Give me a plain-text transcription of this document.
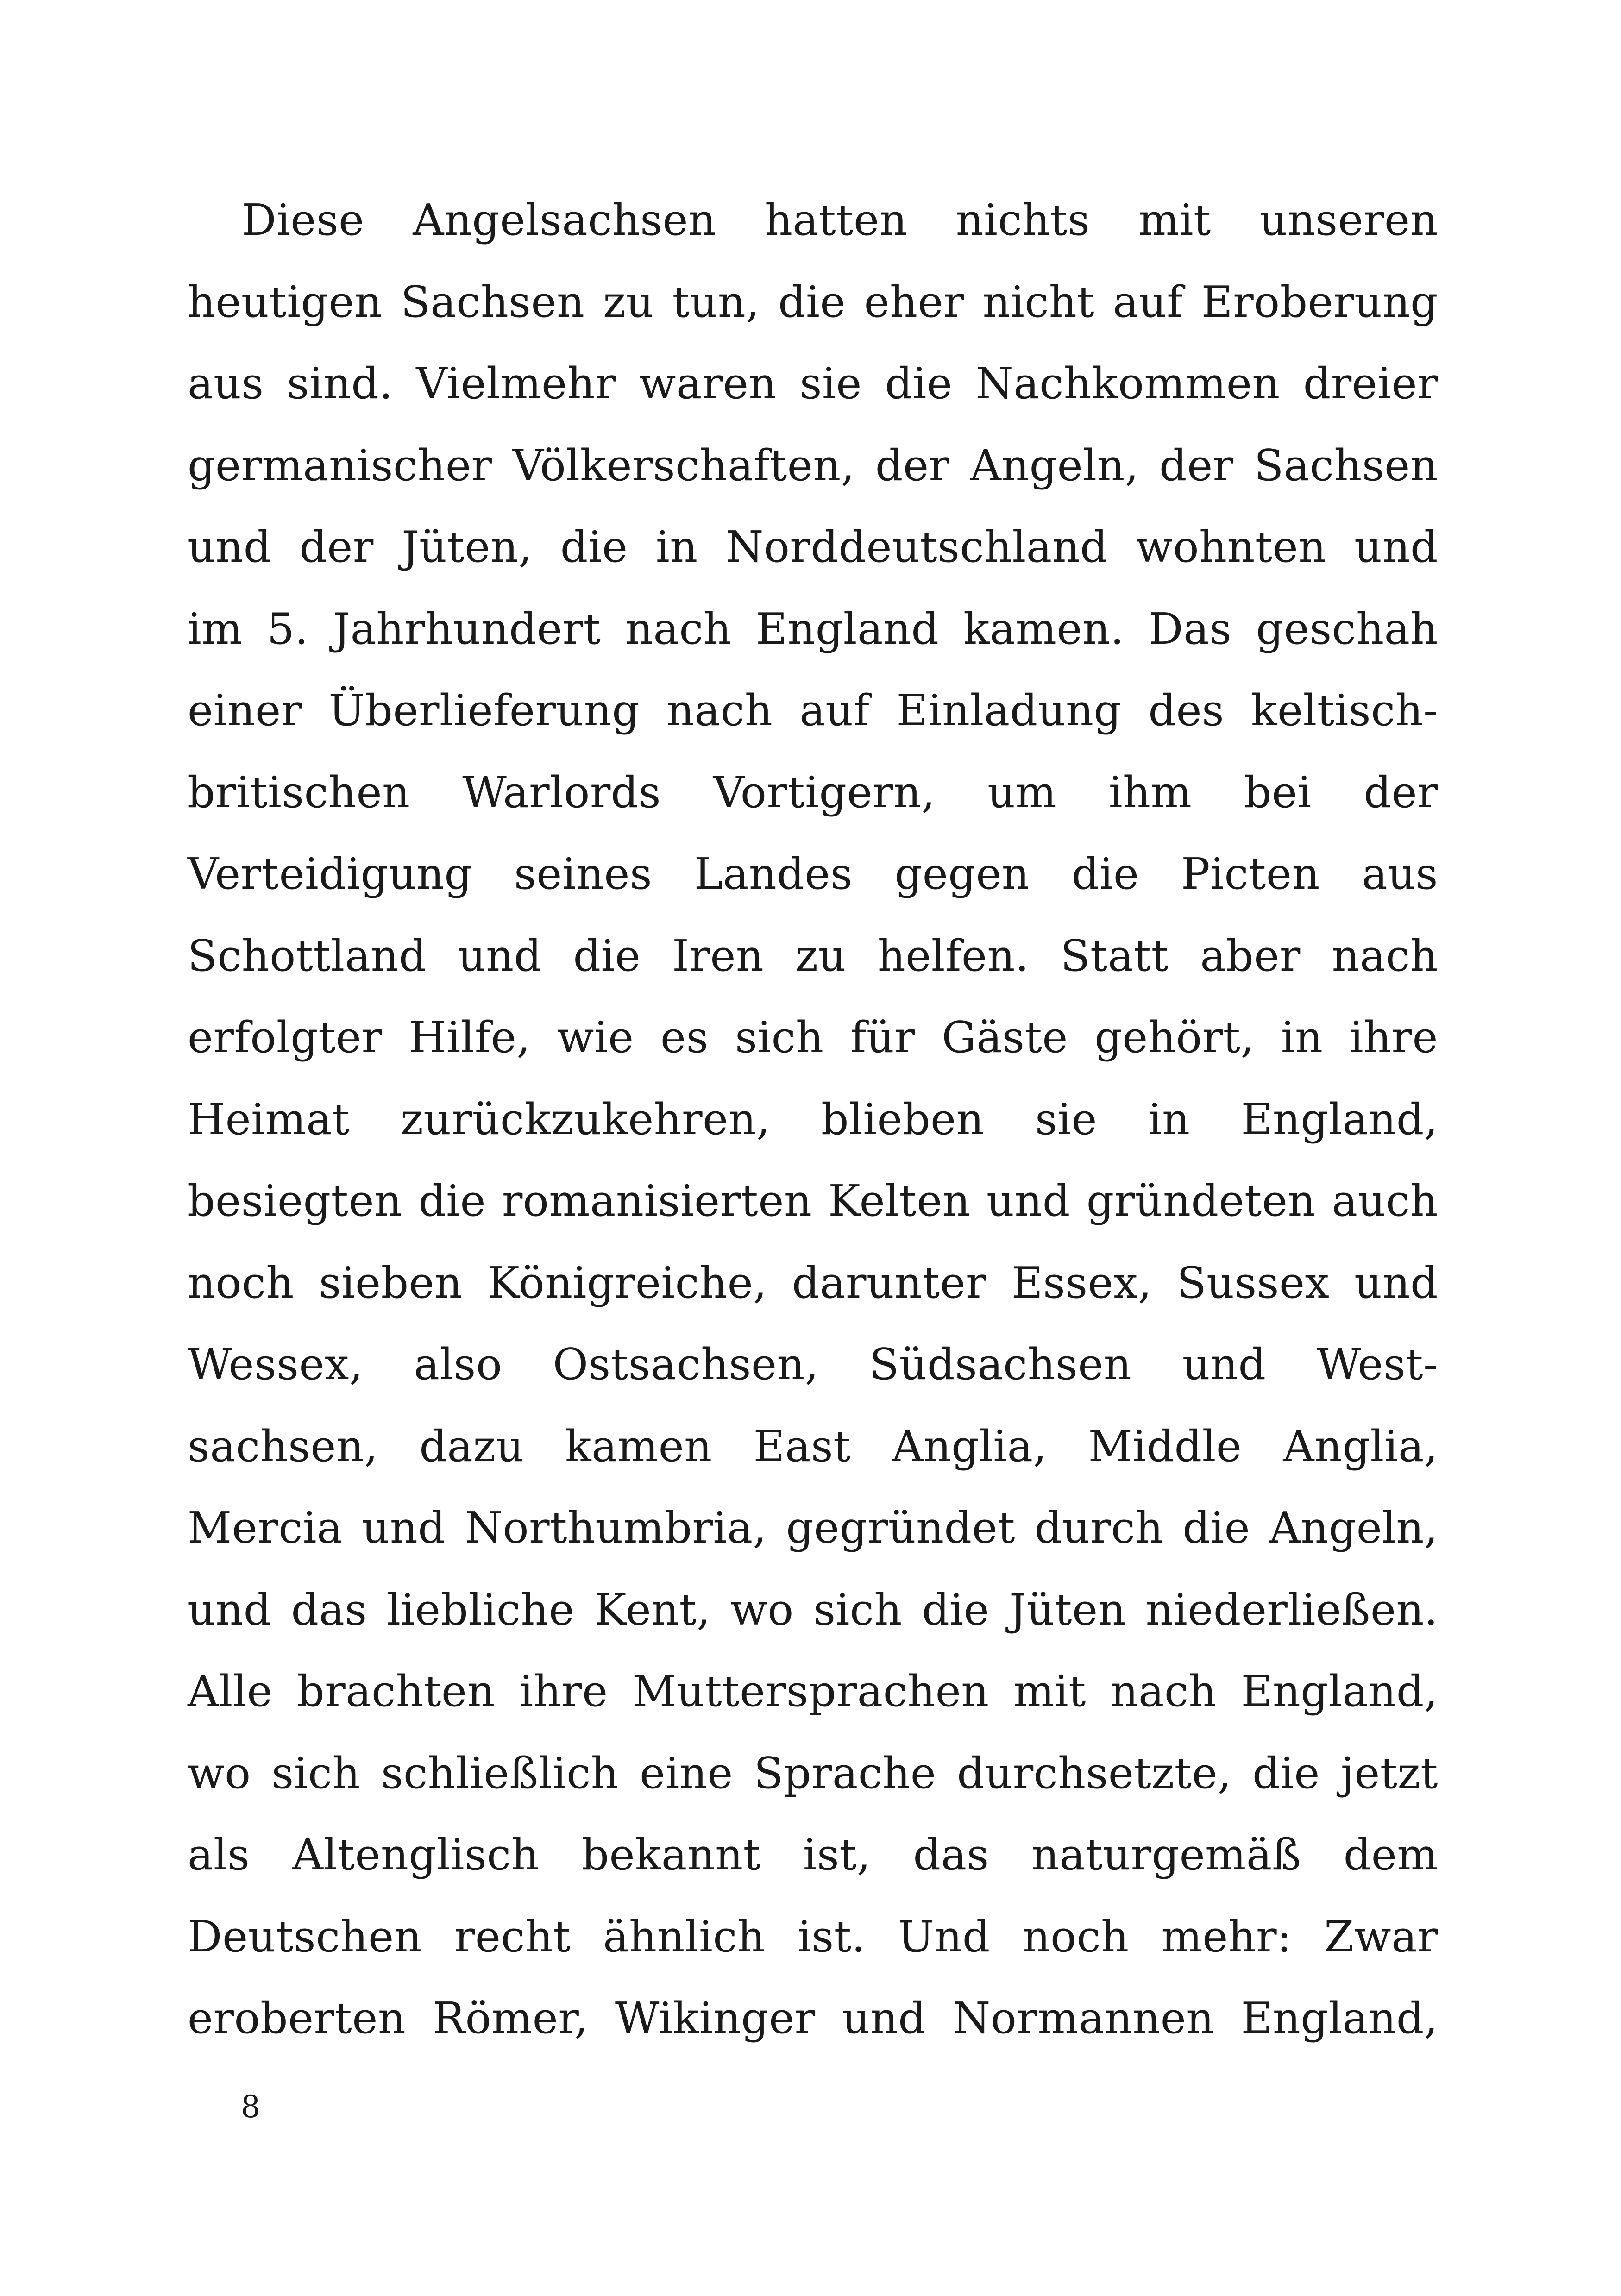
Diese Angelsachsen hatten nichts mit unseren
heutigen Sachsen zu tun, die eher nicht auf Eroberung
aus sind. Vielmehr waren sie die Nachkommen dreier
germanischer Völkerschaften, der Angeln, der Sachsen
und der Jüten, die in Norddeutschland wohnten und
im 5. Jahrhundert nach England kamen. Das geschah
einer Überlieferung nach auf Einladung des keltisch-
britischen Warlords Vortigern, um ihm bei der
Verteidigung seines Landes gegen die Picten aus
Schottland und die Iren zu helfen. Statt aber nach
erfolgter Hilfe, wie es sich für Gäste gehört, in ihre
Heimat zurückzukehren, blieben sie in England,
besiegten die romanisierten Kelten und gründeten auch
noch sieben Königreiche, darunter Essex, Sussex und
Wessex, also Ostsachsen, Südsachsen und West-
sachsen, dazu kamen East Anglia, Middle Anglia,
Mercia und Northumbria, gegründet durch die Angeln,
und das liebliche Kent, wo sich die Jüten niederließen.
Alle brachten ihre Muttersprachen mit nach England,
wo sich schließlich eine Sprache durchsetzte, die jetzt
als Altenglisch bekannt ist, das naturgemäß dem
Deutschen recht ähnlich ist. Und noch mehr: Zwar
eroberten Römer, Wikinger und Normannen England,
8
